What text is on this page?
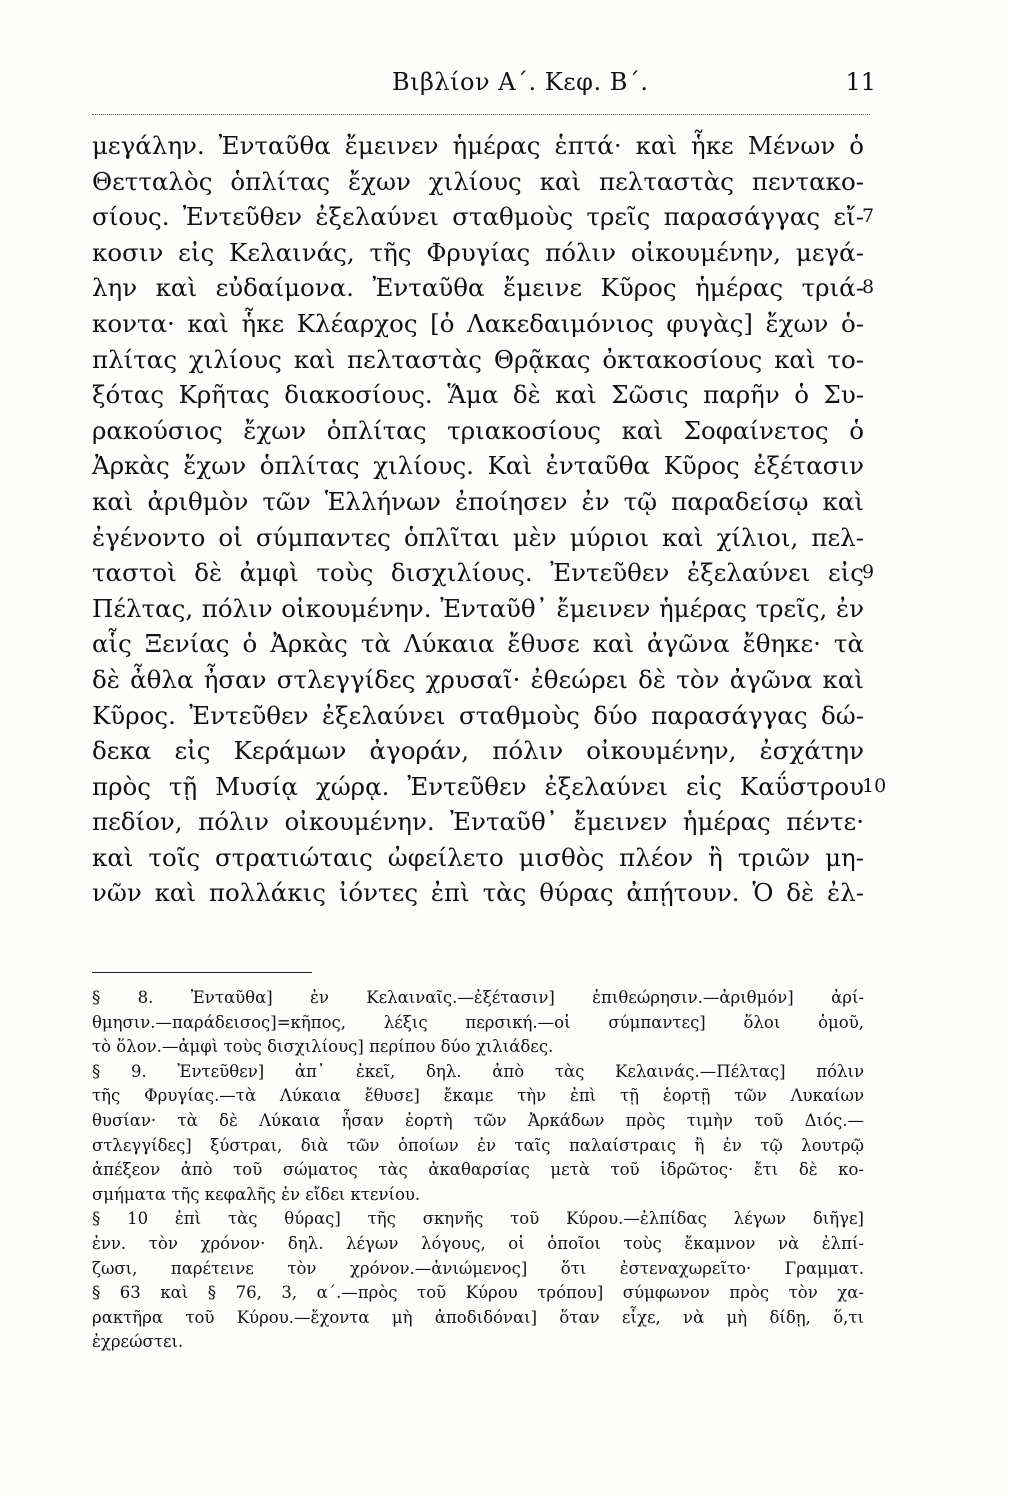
Βιβλίον Α΄. Κεφ. Β΄.	11
μεγάλην. Ἐνταῦθα ἔμεινεν ἡμέρας ἑπτά· καὶ ἧκε Μένων ὁ
Θετταλὸς ὁπλίτας ἔχων χιλίους καὶ πελταστὰς πεντακο-
σίους. Ἐντεῦθεν ἐξελαύνει σταθμοὺς τρεῖς παρασάγγας εἴ-
7
κοσιν εἰς Κελαινάς, τῆς Φρυγίας πόλιν οἰκουμένην, μεγά-
λην καὶ εὐδαίμονα. Ἐνταῦθα ἔμεινε Κῦρος ἡμέρας τριά-
8
κοντα· καὶ ἧκε Κλέαρχος [ὁ Λακεδαιμόνιος φυγὰς] ἔχων ὁ-
πλίτας χιλίους καὶ πελταστὰς Θρᾷκας ὀκτακοσίους καὶ το-
ξότας Κρῆτας διακοσίους. Ἅμα δὲ καὶ Σῶσις παρῆν ὁ Συ-
ρακούσιος ἔχων ὁπλίτας τριακοσίους καὶ Σοφαίνετος ὁ
Ἀρκὰς ἔχων ὁπλίτας χιλίους. Καὶ ἐνταῦθα Κῦρος ἐξέτασιν
καὶ ἀριθμὸν τῶν Ἑλλήνων ἐποίησεν ἐν τῷ παραδείσῳ καὶ
ἐγένοντο οἱ σύμπαντες ὁπλῖται μὲν μύριοι καὶ χίλιοι, πελ-
ταστοὶ δὲ ἀμφὶ τοὺς δισχιλίους. Ἐντεῦθεν ἐξελαύνει εἰς
9
Πέλτας, πόλιν οἰκουμένην. Ἐνταῦθ᾽ ἔμεινεν ἡμέρας τρεῖς, ἐν
αἷς Ξενίας ὁ Ἀρκὰς τὰ Λύκαια ἔθυσε καὶ ἀγῶνα ἔθηκε· τὰ
δὲ ἆθλα ἦσαν στλεγγίδες χρυσαῖ· ἐθεώρει δὲ τὸν ἀγῶνα καὶ
Κῦρος. Ἐντεῦθεν ἐξελαύνει σταθμοὺς δύο παρασάγγας δώ-
δεκα εἰς Κεράμων ἀγοράν, πόλιν οἰκουμένην, ἐσχάτην
πρὸς τῇ Μυσίᾳ χώρᾳ. Ἐντεῦθεν ἐξελαύνει εἰς Καΰστρου
10
πεδίον, πόλιν οἰκουμένην. Ἐνταῦθ᾽ ἔμεινεν ἡμέρας πέντε·
καὶ τοῖς στρατιώταις ὠφείλετο μισθὸς πλέον ἢ τριῶν μη-
νῶν καὶ πολλάκις ἰόντες ἐπὶ τὰς θύρας ἀπῄτουν. Ὁ δὲ ἐλ-
§ 8. Ἐνταῦθα] ἐν Κελαιναῖς.—ἐξέτασιν] ἐπιθεώρησιν.—ἀριθμόν] ἀρί-
θμησιν.—παράδεισος]=κῆπος, λέξις περσική.—οἱ σύμπαντες] ὅλοι ὁμοῦ,
τὸ ὅλον.—ἀμφὶ τοὺς δισχιλίους] περίπου δύο χιλιάδες.
§ 9. Ἐντεῦθεν] ἀπ᾽ ἐκεῖ, δηλ. ἀπὸ τὰς Κελαινάς.—Πέλτας] πόλιν
τῆς Φρυγίας.—τὰ Λύκαια ἔθυσε] ἔκαμε τὴν ἐπὶ τῇ ἑορτῇ τῶν Λυκαίων
θυσίαν· τὰ δὲ Λύκαια ἦσαν ἑορτὴ τῶν Ἀρκάδων πρὸς τιμὴν τοῦ Διός.—
στλεγγίδες] ξύστραι, διὰ τῶν ὁποίων ἐν ταῖς παλαίστραις ἢ ἐν τῷ λουτρῷ
ἀπέξεον ἀπὸ τοῦ σώματος τὰς ἀκαθαρσίας μετὰ τοῦ ἱδρῶτος· ἔτι δὲ κο-
σμήματα τῆς κεφαλῆς ἐν εἴδει κτενίου.
§ 10 ἐπὶ τὰς θύρας] τῆς σκηνῆς τοῦ Κύρου.—ἐλπίδας λέγων διῆγε]
ἐνν. τὸν χρόνον· δηλ. λέγων λόγους, οἱ ὁποῖοι τοὺς ἔκαμνον νὰ ἐλπί-
ζωσι, παρέτεινε τὸν χρόνον.—ἀνιώμενος] ὅτι ἐστεναχωρεῖτο· Γραμματ.
§ 63 καὶ § 76, 3, α΄.—πρὸς τοῦ Κύρου τρόπου] σύμφωνον πρὸς τὸν χα-
ρακτῆρα τοῦ Κύρου.—ἔχοντα μὴ ἀποδιδόναι] ὅταν εἶχε, νὰ μὴ δίδῃ, ὅ,τι
ἐχρεώστει.
